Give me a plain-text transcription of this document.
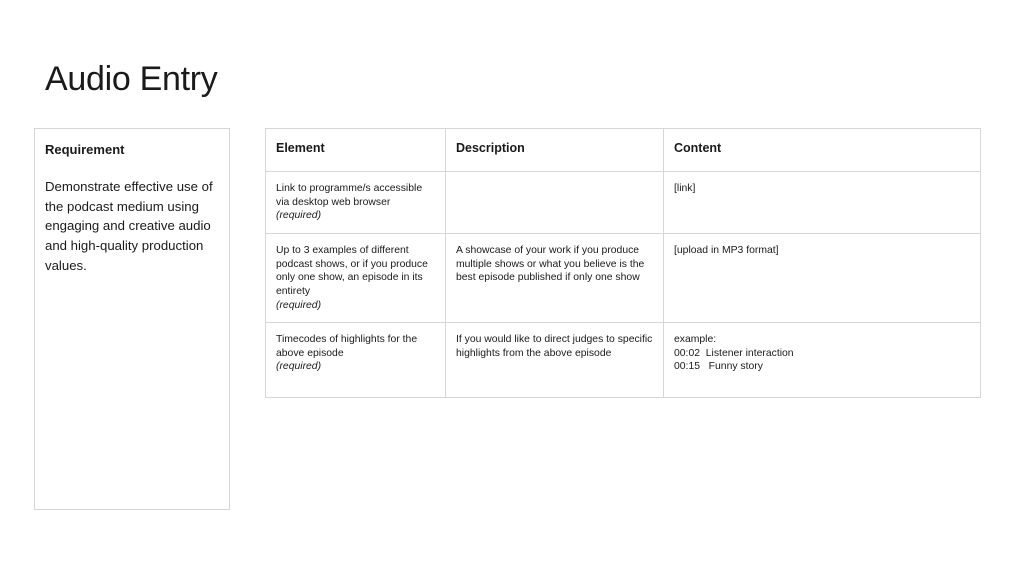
Audio Entry
Requirement
Demonstrate effective use of the podcast medium using engaging and creative audio and high-quality production values.
Element	Description	Content
Link to programme/s accessible via desktop web browser
(required)		[link]

Up to 3 examples of different podcast shows, or if you produce only one show, an episode in its entirety
(required)	A showcase of your work if you produce multiple shows or what you believe is the best episode published if only one show	[upload in MP3 format]

Timecodes of highlights for the above episode
(required)	If you would like to direct judges to specific highlights from the above episode	example:
00:02  Listener interaction
00:15   Funny story
